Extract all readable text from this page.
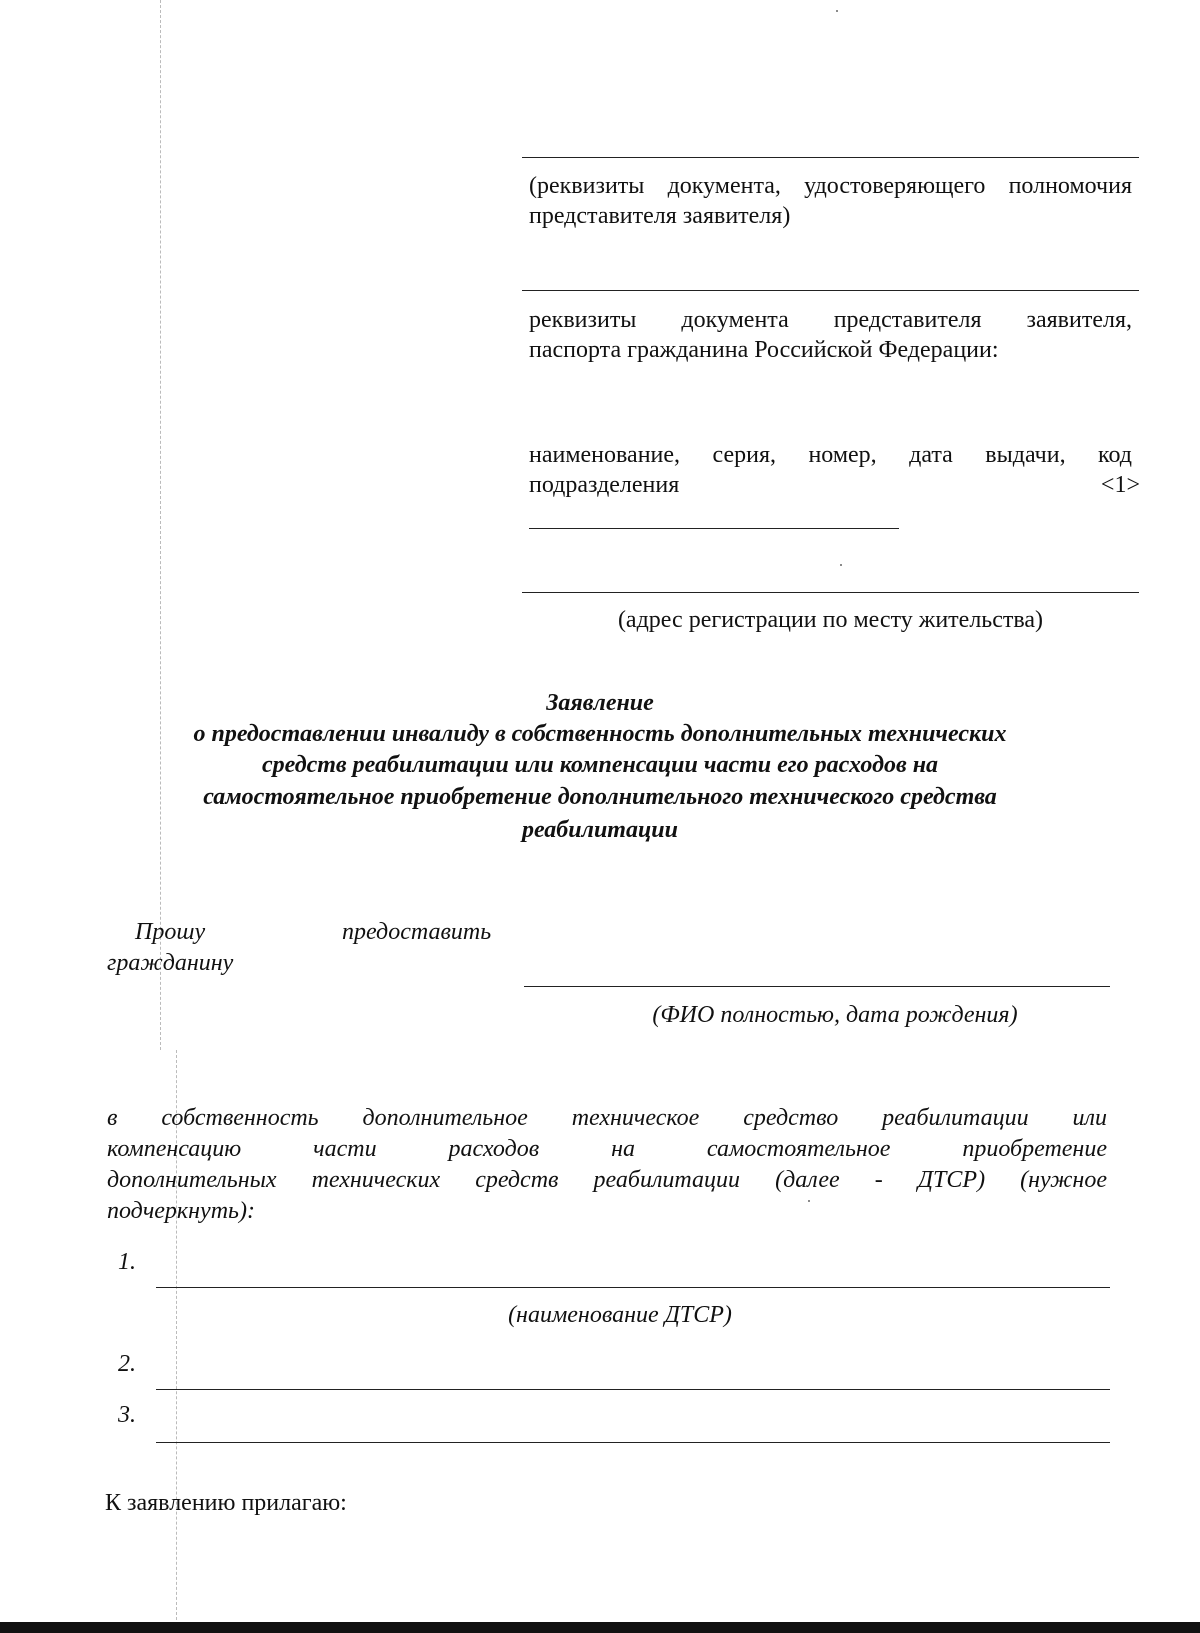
(реквизиты документа, удостоверяющего полномочия представителя заявителя)
реквизиты документа представителя заявителя,
паспорта гражданина Российской Федерации:
наименование, серия, номер, дата выдачи, код
подразделения	<1>
(адрес регистрации по месту жительства)
Заявление
о предоставлении инвалиду в собственность дополнительных технических
средств реабилитации или компенсации части его расходов на
самостоятельное приобретение дополнительного технического средства
реабилитации
Прошу	предоставить
гражданину
(ФИО полностью, дата рождения)
в собственность дополнительное техническое средство реабилитации или
компенсацию части расходов на самостоятельное приобретение
дополнительных технических средств реабилитации (далее - ДТСР) (нужное
подчеркнуть):
1.
(наименование ДТСР)
2.
3.
К заявлению прилагаю:
